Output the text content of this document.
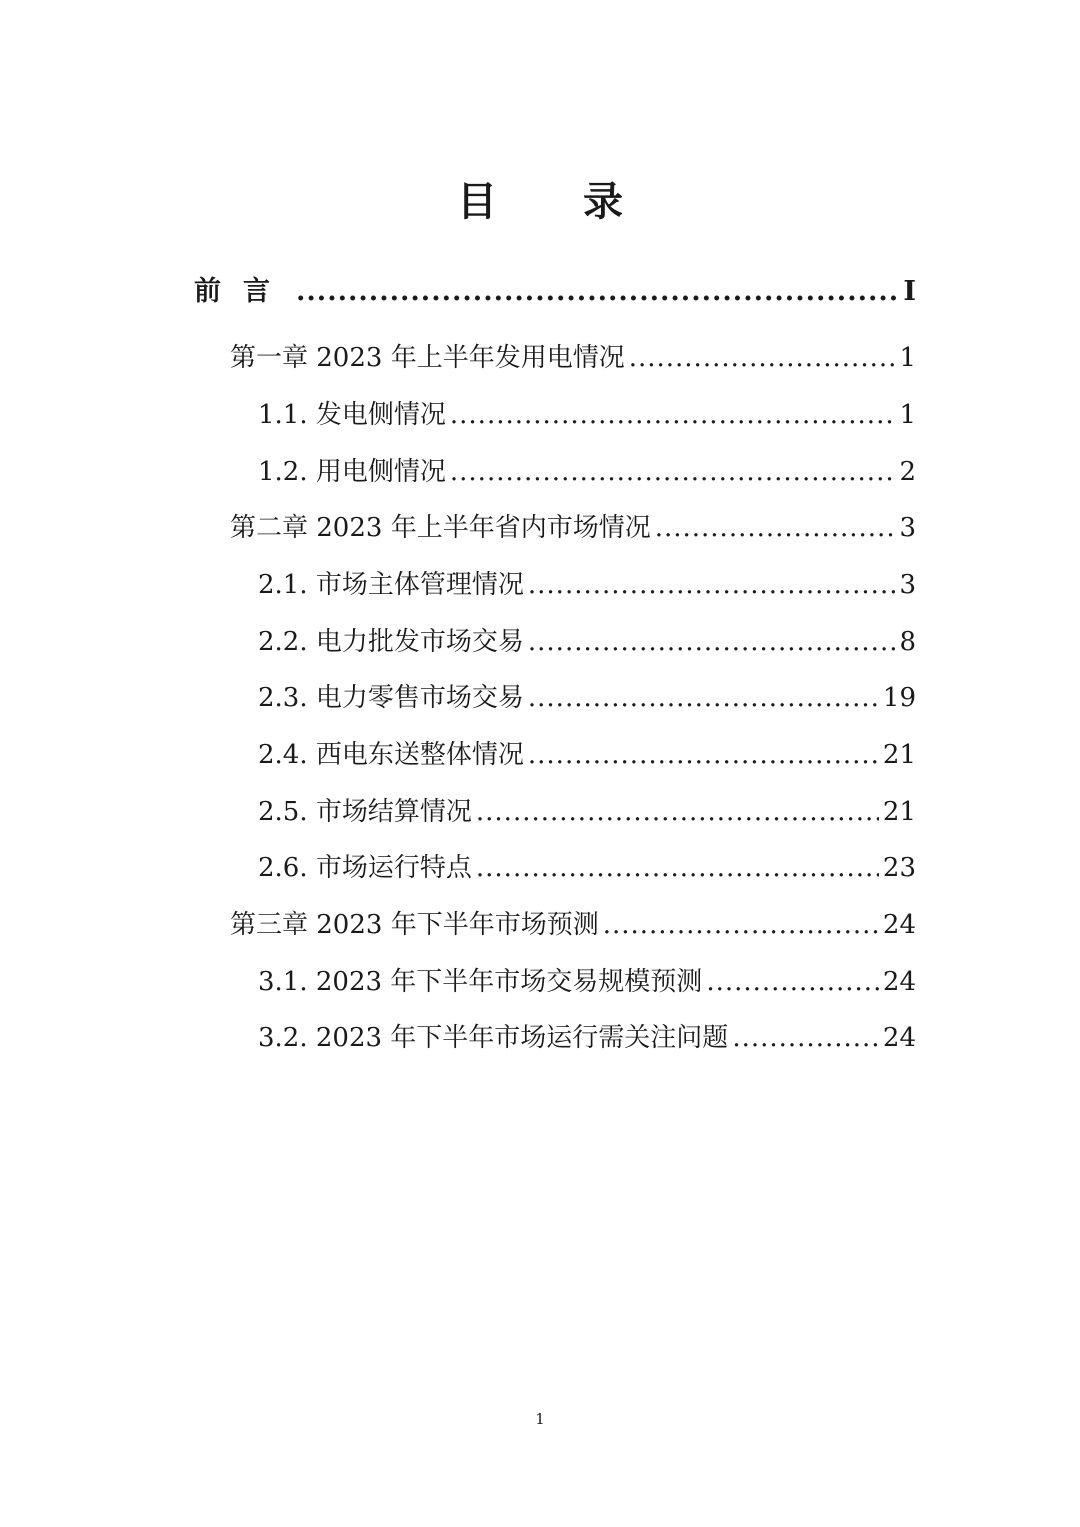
目 录
前言 .....	I
第一章 2023 年上半年发用电情况 .....	1
1.1. 发电侧情况 .....	1
1.2. 用电侧情况 .....	2
第二章 2023 年上半年省内市场情况 .....	3
2.1. 市场主体管理情况 .....	3
2.2. 电力批发市场交易 .....	8
2.3. 电力零售市场交易 .....	19
2.4. 西电东送整体情况 .....	21
2.5. 市场结算情况 .....	21
2.6. 市场运行特点 .....	23
第三章 2023 年下半年市场预测 .....	24
3.1. 2023 年下半年市场交易规模预测 .....	24
3.2. 2023 年下半年市场运行需关注问题 .....	24
1
